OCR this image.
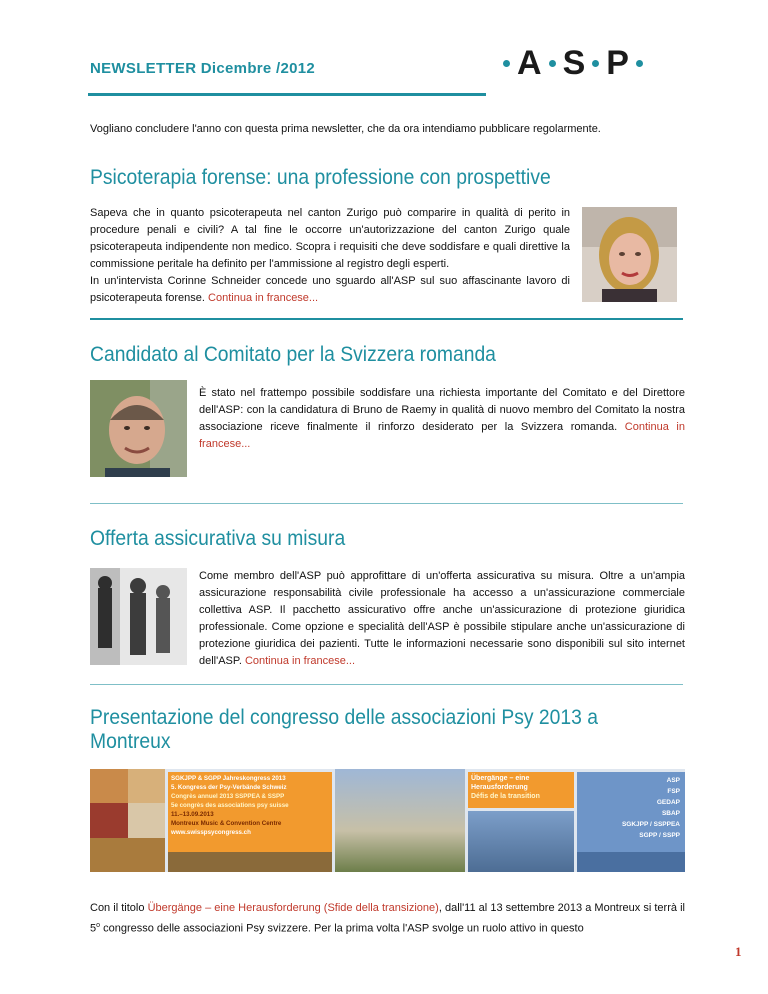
NEWSLETTER Dicembre /2012	A S P
Vogliano concludere l'anno con questa prima newsletter, che da ora intendiamo pubblicare regolarmente.
Psicoterapia forense: una professione con prospettive
Sapeva che in quanto psicoterapeuta nel canton Zurigo può comparire in qualità di perito in procedure penali e civili? A tal fine le occorre un'autorizzazione del canton Zurigo quale psicoterapeuta indipendente non medico. Scopra i requisiti che deve soddisfare e quali direttive la commissione peritale ha definito per l'ammissione al registro degli esperti.
In un'intervista Corinne Schneider concede uno sguardo all'ASP sul suo affascinante lavoro di psicoterapeuta forense. Continua in francese...
Candidato al Comitato per la Svizzera romanda
È stato nel frattempo possibile soddisfare una richiesta importante del Comitato e del Direttore dell'ASP: con la candidatura di Bruno de Raemy in qualità di nuovo membro del Comitato la nostra associazione riceve finalmente il rinforzo desiderato per la Svizzera romanda. Continua in francese...
Offerta assicurativa su misura
Come membro dell'ASP può approfittare di un'offerta assicurativa su misura. Oltre a un'ampia assicurazione responsabilità civile professionale ha accesso a un'assicurazione commerciale collettiva ASP. Il pacchetto assicurativo offre anche un'assicurazione di protezione giuridica professionale. Come opzione e specialità dell'ASP è possibile stipulare anche un'assicurazione di protezione giuridica dei pazienti. Tutte le informazioni necessarie sono disponibili sul sito internet dell'ASP. Continua in francese...
Presentazione del congresso delle associazioni Psy 2013 a Montreux
SGKJPP & SGPP Jahreskongress 2013
5. Kongress der Psy-Verbände Schweiz
Congrès annuel 2013 SSPPEA & SSPP
5e congrès des associations psy suisse
11.–13.09.2013
Montreux Music & Convention Centre
www.swisspsycongress.ch
Übergänge – eine
Herausforderung
Défis de la transition
ASP
FSP
GEDAP
SBAP
SGKJPP / SSPPEA
SGPP / SSPP
Con il titolo Übergänge – eine Herausforderung (Sfide della transizione), dall'11 al 13 settembre 2013 a Montreux si terrà il 5$^o$ congresso delle associazioni Psy svizzere. Per la prima volta l'ASP svolge un ruolo attivo in questo
1
